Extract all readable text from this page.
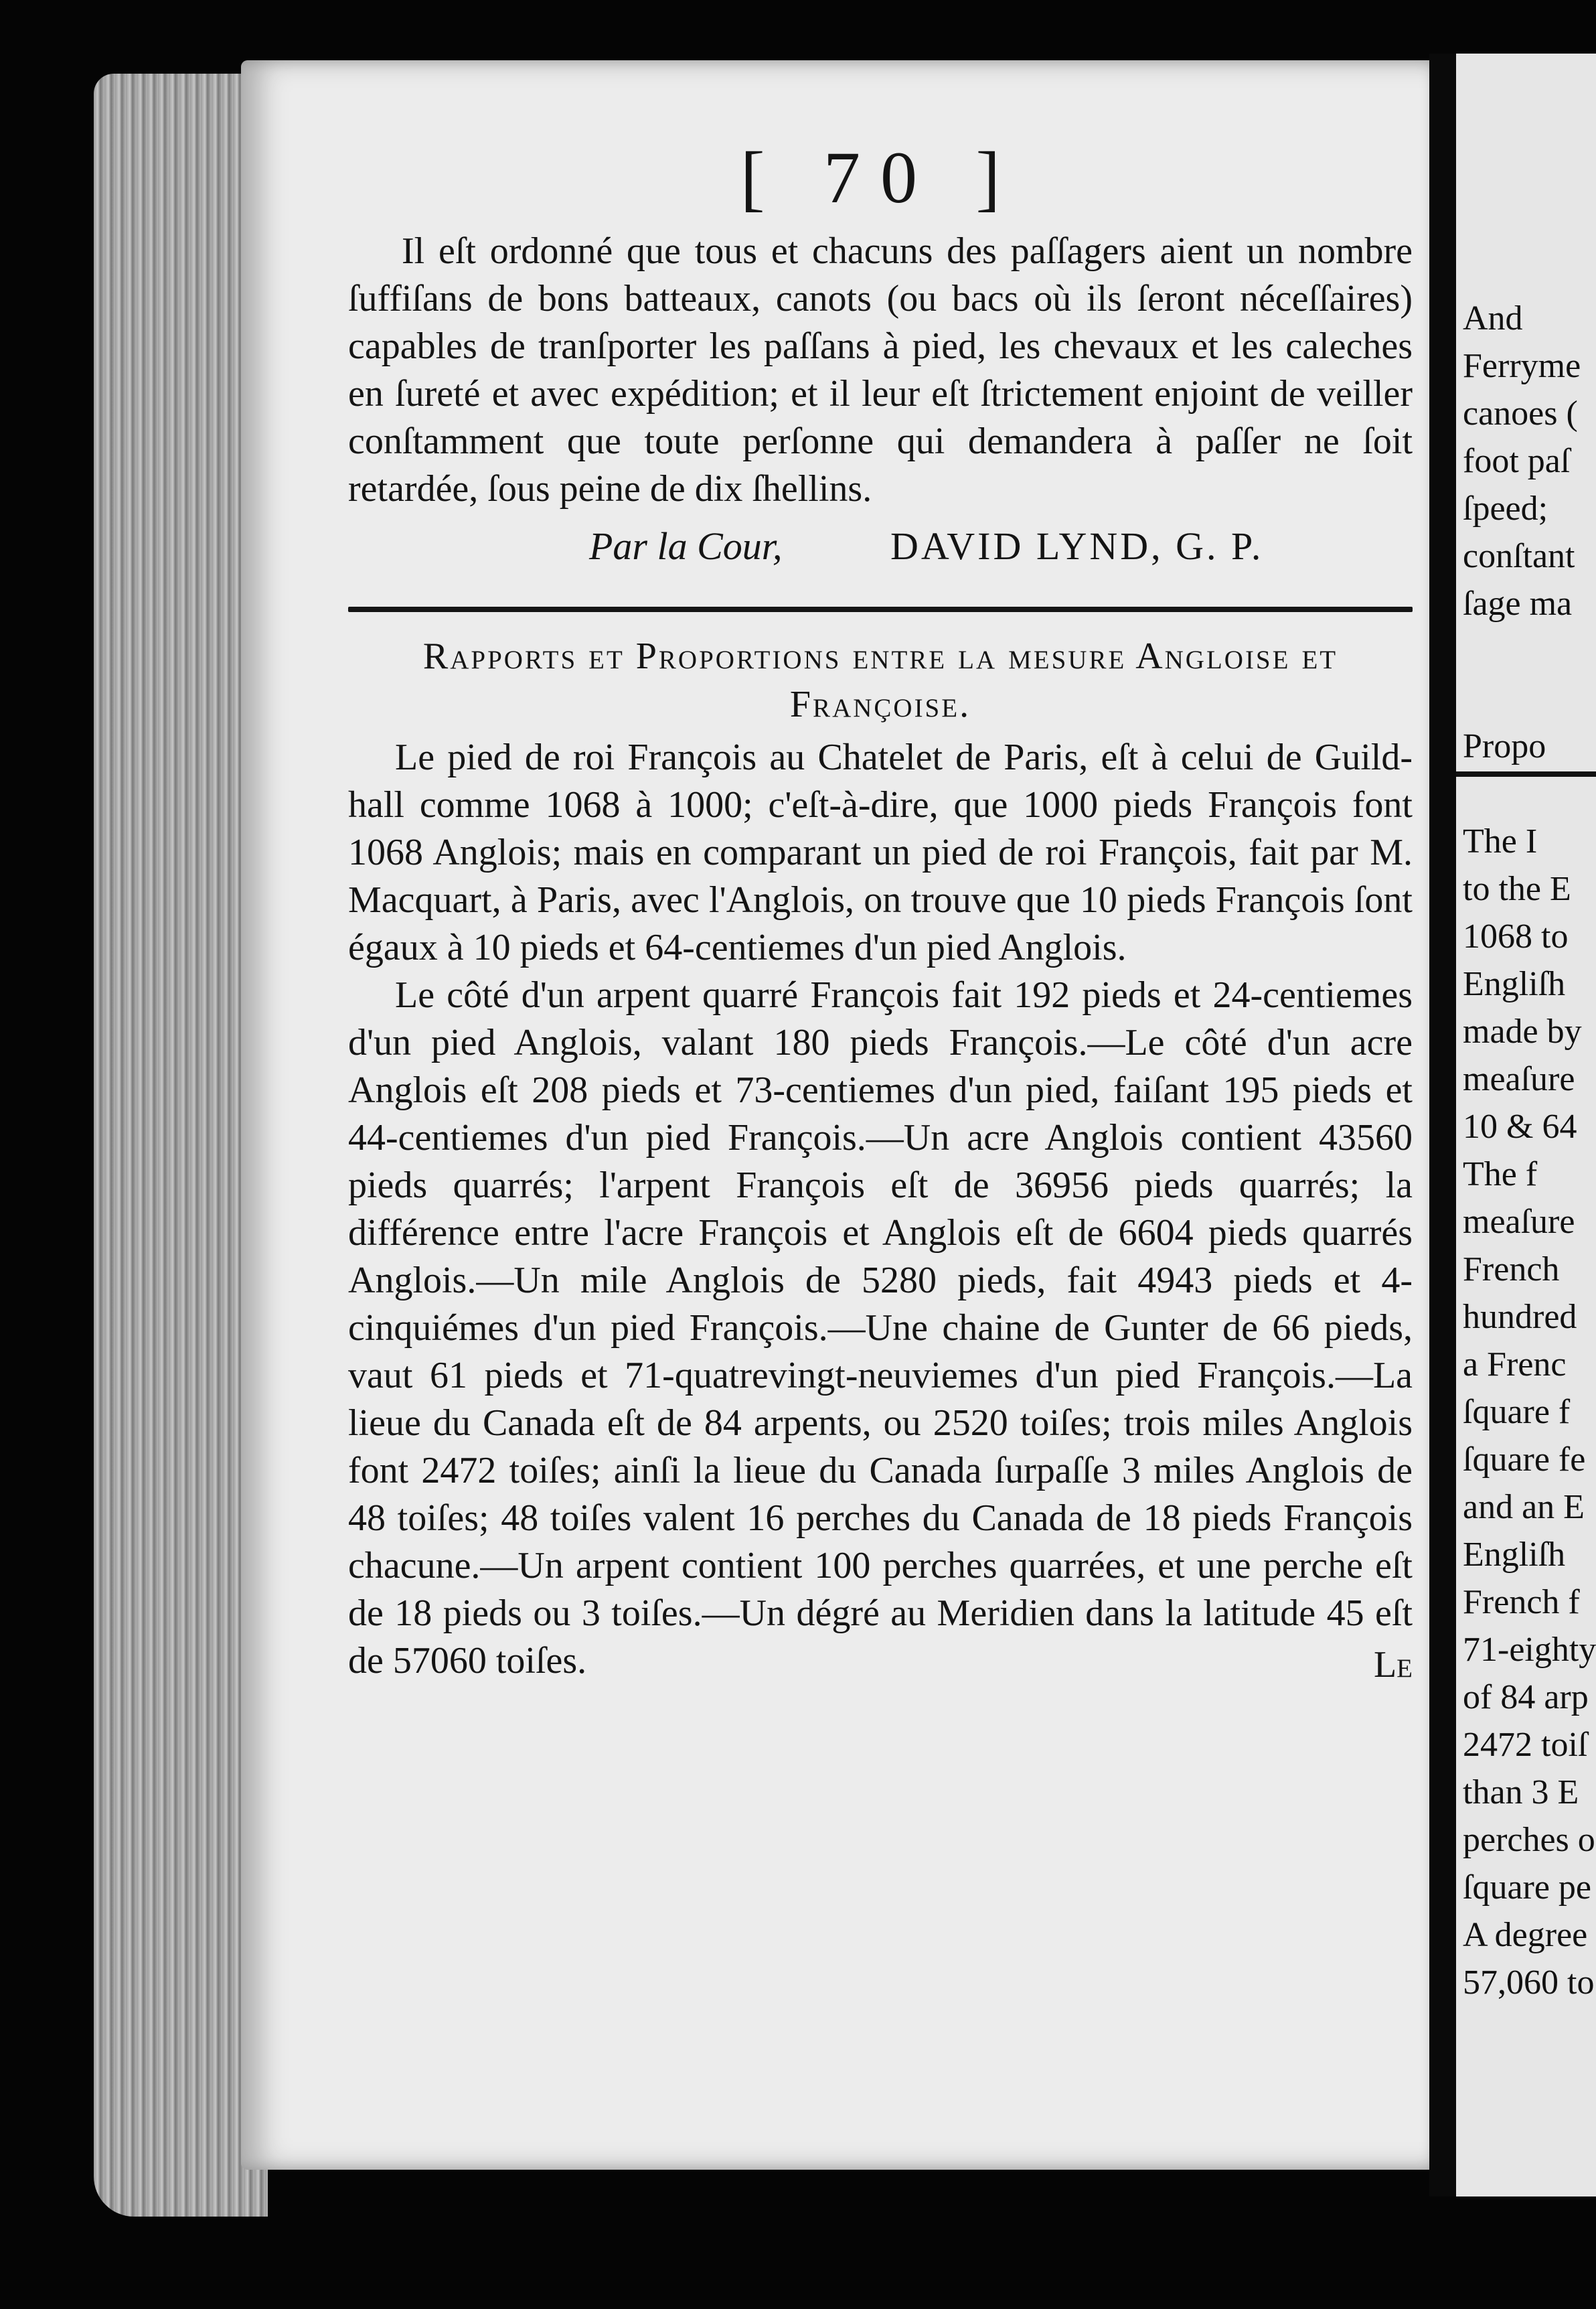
And
Ferryme
canoes (
foot paſ
ſpeed;
conſtant
ſage ma
Propo
The I
to the E
1068 to
Engliſh
made by
meaſure
10 & 64
The f
meaſure
French
hundred
a Frenc
ſquare f
ſquare fe
and an E
Engliſh
French f
71-eighty
of 84 arp
2472 toiſ
than 3 E
perches o
ſquare pe
A degree
57,060 to
[ 70 ]

Il eſt ordonné que tous et chacuns des paſſagers aient un nombre ſuffiſans de bons batteaux, canots (ou bacs où ils ſeront néceſſaires) capables de tranſporter les paſſans à pied, les chevaux et les caleches en ſureté et avec expédition; et il leur eſt ſtrictement enjoint de veiller conſtamment que toute perſonne qui demandera à paſſer ne ſoit retardée, ſous peine de dix ſhellins.

Par la Cour,	DAVID LYND, G. P.
Rapports et Proportions entre la meſure Angloiſe et Françoiſe.

Le pied de roi François au Chatelet de Paris, eſt à celui de Guild-hall comme 1068 à 1000; c'eſt-à-dire, que 1000 pieds François font 1068 Anglois; mais en comparant un pied de roi François, fait par M. Macquart, à Paris, avec l'Anglois, on trouve que 10 pieds François ſont égaux à 10 pieds et 64-centiemes d'un pied Anglois.

Le côté d'un arpent quarré François fait 192 pieds et 24-centiemes d'un pied Anglois, valant 180 pieds François.—Le côté d'un acre Anglois eſt 208 pieds et 73-centiemes d'un pied, faiſant 195 pieds et 44-centiemes d'un pied François.—Un acre Anglois contient 43560 pieds quarrés; l'arpent François eſt de 36956 pieds quarrés; la différence entre l'acre François et Anglois eſt de 6604 pieds quarrés Anglois.—Un mile Anglois de 5280 pieds, fait 4943 pieds et 4-cinquiémes d'un pied François.—Une chaine de Gunter de 66 pieds, vaut 61 pieds et 71-quatrevingt-neuviemes d'un pied François.—La lieue du Canada eſt de 84 arpents, ou 2520 toiſes; trois miles Anglois font 2472 toiſes; ainſi la lieue du Canada ſurpaſſe 3 miles Anglois de 48 toiſes; 48 toiſes valent 16 perches du Canada de 18 pieds François chacune.—Un arpent contient 100 perches quarrées, et une perche eſt de 18 pieds ou 3 toiſes.—Un dégré au Meridien dans la latitude 45 eſt de 57060 toiſes.	Le
